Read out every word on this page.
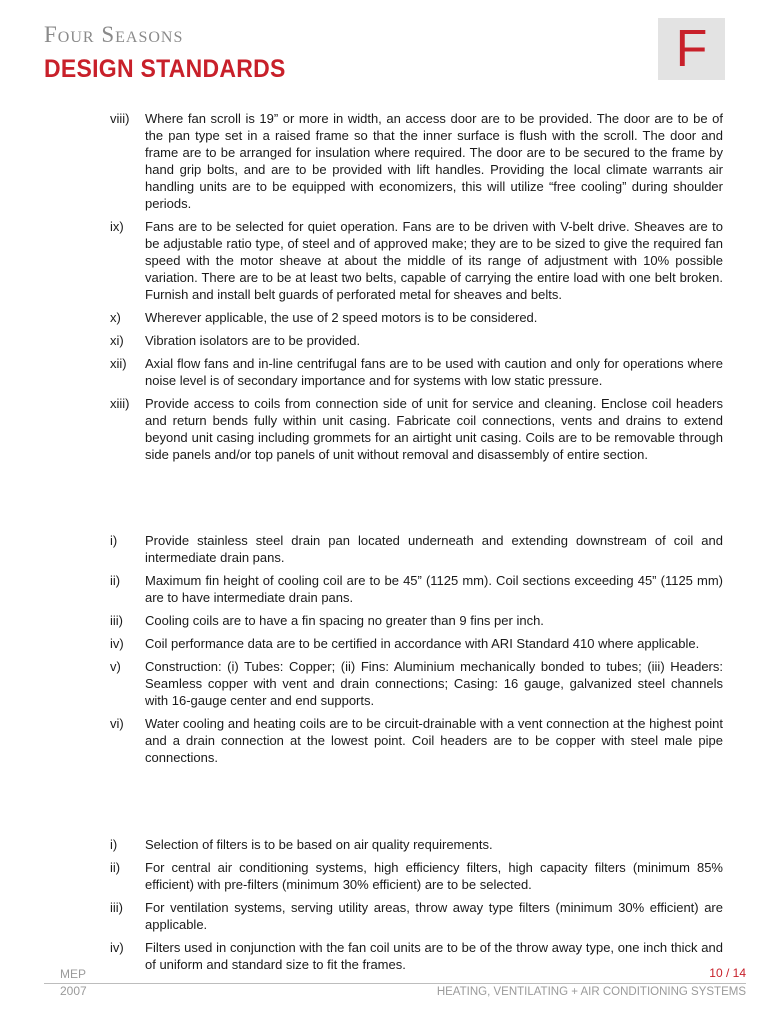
Four Seasons
DESIGN STANDARDS	F
viii)	Where fan scroll is 19” or more in width, an access door are to be provided. The door are to be of the pan type set in a raised frame so that the inner surface is flush with the scroll. The door and frame are to be arranged for insulation where required. The door are to be secured to the frame by hand grip bolts, and are to be provided with lift handles. Providing the local climate warrants air handling units are to be equipped with economizers, this will utilize “free cooling” during shoulder periods.
ix)	Fans are to be selected for quiet operation. Fans are to be driven with V-belt drive. Sheaves are to be adjustable ratio type, of steel and of approved make; they are to be sized to give the required fan speed with the motor sheave at about the middle of its range of adjustment with 10% possible variation. There are to be at least two belts, capable of carrying the entire load with one belt broken. Furnish and install belt guards of perforated metal for sheaves and belts.
x)	Wherever applicable, the use of 2 speed motors is to be considered.
xi)	Vibration isolators are to be provided.
xii)	Axial flow fans and in-line centrifugal fans are to be used with caution and only for operations where noise level is of secondary importance and for systems with low static pressure.
xiii)	Provide access to coils from connection side of unit for service and cleaning. Enclose coil headers and return bends fully within unit casing. Fabricate coil connections, vents and drains to extend beyond unit casing including grommets for an airtight unit casing. Coils are to be removable through side panels and/or top panels of unit without removal and disassembly of entire section.
i)	Provide stainless steel drain pan located underneath and extending downstream of coil and intermediate drain pans.
ii)	Maximum fin height of cooling coil are to be 45” (1125 mm). Coil sections exceeding 45” (1125 mm) are to have intermediate drain pans.
iii)	Cooling coils are to have a fin spacing no greater than 9 fins per inch.
iv)	Coil performance data are to be certified in accordance with ARI Standard 410 where applicable.
v)	Construction: (i) Tubes: Copper; (ii) Fins: Aluminium mechanically bonded to tubes; (iii) Headers: Seamless copper with vent and drain connections; Casing: 16 gauge, galvanized steel channels with 16-gauge center and end supports.
vi)	Water cooling and heating coils are to be circuit-drainable with a vent connection at the highest point and a drain connection at the lowest point. Coil headers are to be copper with steel male pipe connections.
i)	Selection of filters is to be based on air quality requirements.
ii)	For central air conditioning systems, high efficiency filters, high capacity filters (minimum 85% efficient) with pre-filters (minimum 30% efficient) are to be selected.
iii)	For ventilation systems, serving utility areas, throw away type filters (minimum 30% efficient) are applicable.
iv)	Filters used in conjunction with the fan coil units are to be of the throw away type, one inch thick and of uniform and standard size to fit the frames.
MEP
2007
10 / 14
HEATING, VENTILATING + AIR CONDITIONING SYSTEMS
